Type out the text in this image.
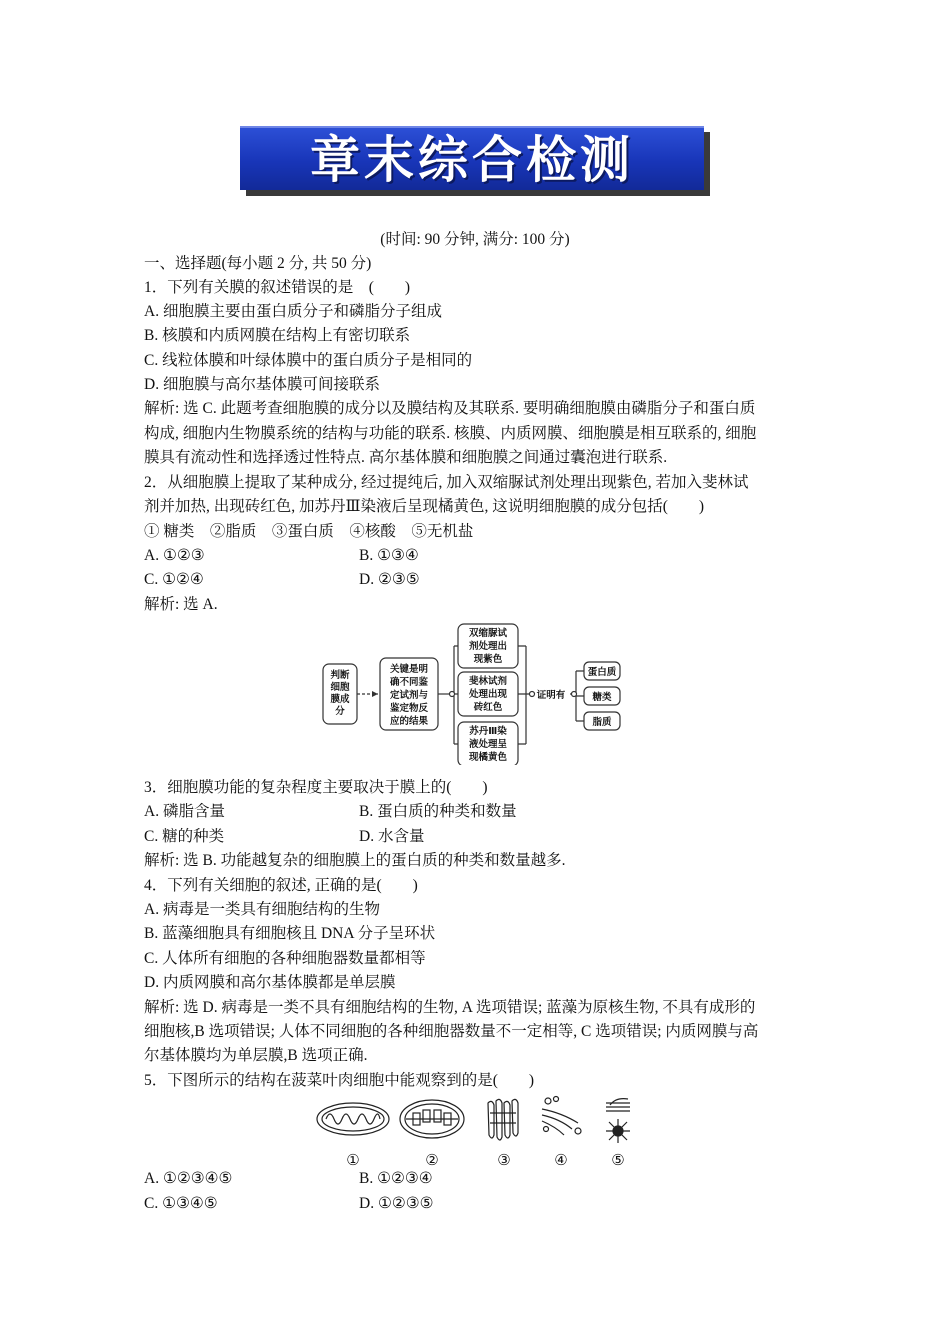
章末综合检测
(时间: 90 分钟, 满分: 100 分)
一、选择题(每小题 2 分, 共 50 分)
1．下列有关膜的叙述错误的是　(　　)
A. 细胞膜主要由蛋白质分子和磷脂分子组成
B. 核膜和内质网膜在结构上有密切联系
C. 线粒体膜和叶绿体膜中的蛋白质分子是相同的
D. 细胞膜与高尔基体膜可间接联系
解析: 选 C. 此题考查细胞膜的成分以及膜结构及其联系. 要明确细胞膜由磷脂分子和蛋白质
构成, 细胞内生物膜系统的结构与功能的联系. 核膜、内质网膜、细胞膜是相互联系的, 细胞
膜具有流动性和选择透过性特点. 高尔基体膜和细胞膜之间通过囊泡进行联系.
2．从细胞膜上提取了某种成分, 经过提纯后, 加入双缩脲试剂处理出现紫色, 若加入斐林试
剂并加热, 出现砖红色, 加苏丹Ⅲ染液后呈现橘黄色, 这说明细胞膜的成分包括(　　)
① 糖类　②脂质　③蛋白质　④核酸　⑤无机盐
A. ①②③	B. ①③④
C. ①②④	D. ②③⑤
解析: 选 A.
判断
细胞
膜成
分
关键是明
确不同鉴
定试剂与
鉴定物反
应的结果
双缩脲试
剂处理出
现紫色
斐林试剂
处理出现
砖红色
苏丹Ⅲ染
液处理呈
现橘黄色
证明有
蛋白质
糖类
脂质
3．细胞膜功能的复杂程度主要取决于膜上的(　　)
A. 磷脂含量	B. 蛋白质的种类和数量
C. 糖的种类	D. 水含量
解析: 选 B. 功能越复杂的细胞膜上的蛋白质的种类和数量越多.
4．下列有关细胞的叙述, 正确的是(　　)
A. 病毒是一类具有细胞结构的生物
B. 蓝藻细胞具有细胞核且 DNA 分子呈环状
C. 人体所有细胞的各种细胞器数量都相等
D. 内质网膜和高尔基体膜都是单层膜
解析: 选 D. 病毒是一类不具有细胞结构的生物, A 选项错误; 蓝藻为原核生物, 不具有成形的
细胞核,B 选项错误; 人体不同细胞的各种细胞器数量不一定相等, C 选项错误; 内质网膜与高
尔基体膜均为单层膜,B 选项正确.
5．下图所示的结构在菠菜叶肉细胞中能观察到的是(　　)
①	②	③	④	⑤
A. ①②③④⑤	B. ①②③④
C. ①③④⑤	D. ①②③⑤
